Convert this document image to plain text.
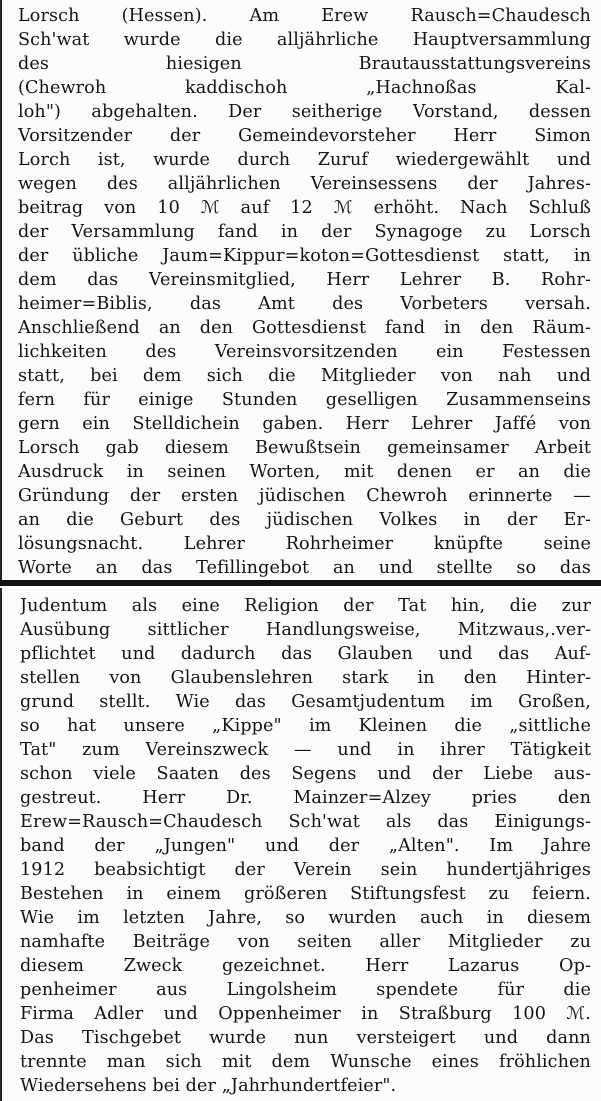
Lorsch (Hessen). Am Erew Rausch=Chaudesch
Sch'wat wurde die alljährliche Hauptversammlung
des hiesigen Brautausstattungsvereins
(Chewroh kaddischoh „Hachnoßas Kal-
loh") abgehalten. Der seitherige Vorstand, dessen
Vorsitzender der Gemeindevorsteher Herr Simon
Lorch ist, wurde durch Zuruf wiedergewählt und
wegen des alljährlichen Vereinsessens der Jahres-
beitrag von 10 ℳ auf 12 ℳ erhöht. Nach Schluß
der Versammlung fand in der Synagoge zu Lorsch
der übliche Jaum=Kippur=koton=Gottesdienst statt, in
dem das Vereinsmitglied, Herr Lehrer B. Rohr-
heimer=Biblis, das Amt des Vorbeters versah.
Anschließend an den Gottesdienst fand in den Räum-
lichkeiten des Vereinsvorsitzenden ein Festessen
statt, bei dem sich die Mitglieder von nah und
fern für einige Stunden geselligen Zusammenseins
gern ein Stelldichein gaben. Herr Lehrer Jaffé von
Lorsch gab diesem Bewußtsein gemeinsamer Arbeit
Ausdruck in seinen Worten, mit denen er an die
Gründung der ersten jüdischen Chewroh erinnerte —
an die Geburt des jüdischen Volkes in der Er-
lösungsnacht. Lehrer Rohrheimer knüpfte seine
Worte an das Tefillingebot an und stellte so das
Judentum als eine Religion der Tat hin, die zur
Ausübung sittlicher Handlungsweise, Mitzwaus,.ver-
pflichtet und dadurch das Glauben und das Auf-
stellen von Glaubenslehren stark in den Hinter-
grund stellt. Wie das Gesamtjudentum im Großen,
so hat unsere „Kippe" im Kleinen die „sittliche
Tat" zum Vereinszweck — und in ihrer Tätigkeit
schon viele Saaten des Segens und der Liebe aus-
gestreut. Herr Dr. Mainzer=Alzey pries den
Erew=Rausch=Chaudesch Sch'wat als das Einigungs-
band der „Jungen" und der „Alten". Im Jahre
1912 beabsichtigt der Verein sein hundertjähriges
Bestehen in einem größeren Stiftungsfest zu feiern.
Wie im letzten Jahre, so wurden auch in diesem
namhafte Beiträge von seiten aller Mitglieder zu
diesem Zweck gezeichnet. Herr Lazarus Op-
penheimer aus Lingolsheim spendete für die
Firma Adler und Oppenheimer in Straßburg 100 ℳ.
Das Tischgebet wurde nun versteigert und dann
trennte man sich mit dem Wunsche eines fröhlichen
Wiedersehens bei der „Jahrhundertfeier".
